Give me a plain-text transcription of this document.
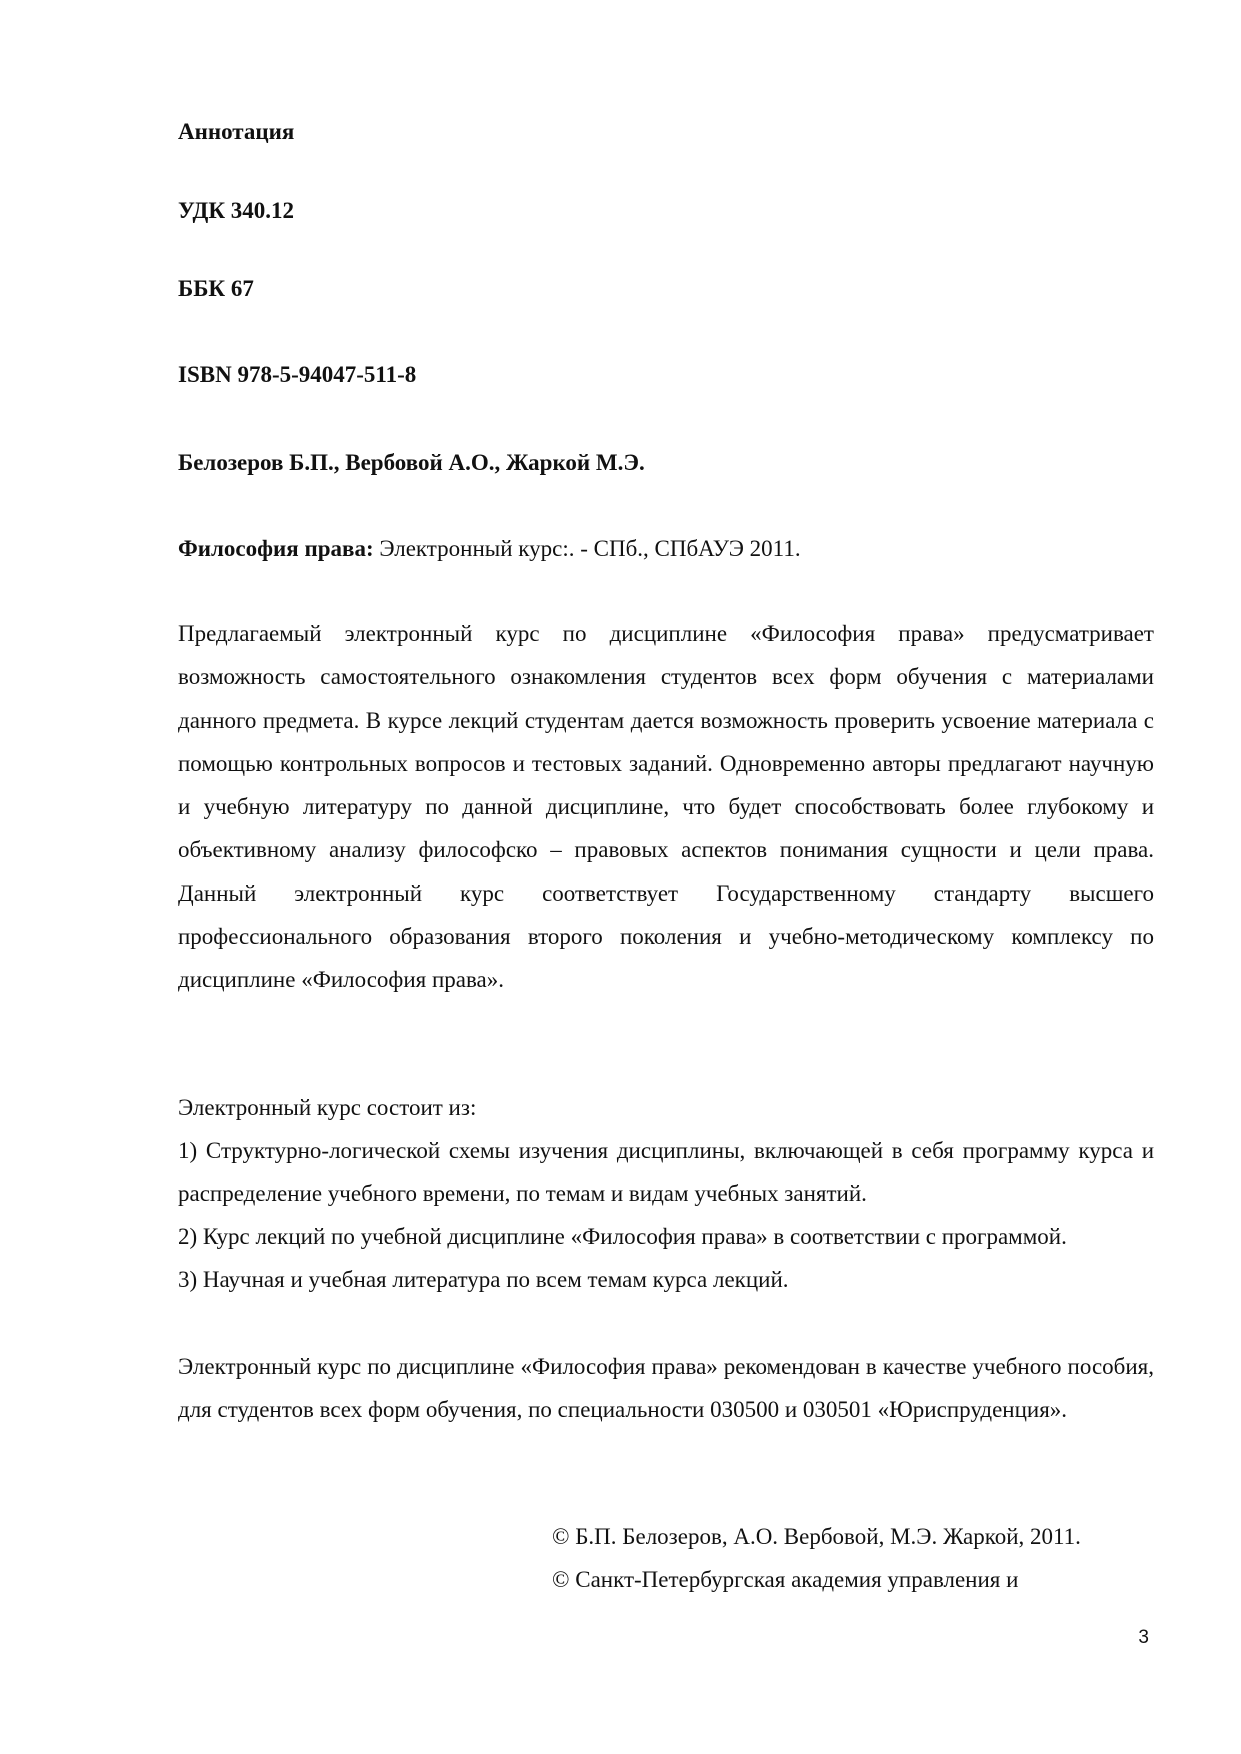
Аннотация
УДК 340.12
ББК 67
ISBN 978-5-94047-511-8
Белозеров Б.П., Вербовой А.О., Жаркой М.Э.
Философия права: Электронный курс:. - СПб., СПбАУЭ 2011.

Предлагаемый электронный курс по дисциплине «Философия права» предусматривает возможность самостоятельного ознакомления студентов всех форм обучения с материалами данного предмета. В курсе лекций студентам дается возможность проверить усвоение материала с помощью контрольных вопросов и тестовых заданий. Одновременно авторы предлагают научную и учебную литературу по данной дисциплине, что будет способствовать более глубокому и объективному анализу философско – правовых аспектов понимания сущности и цели права. Данный электронный курс соответствует Государственному стандарту высшего профессионального образования второго поколения и учебно-методическому комплексу по дисциплине «Философия права».

Электронный курс состоит из:

1) Структурно-логической схемы изучения дисциплины, включающей в себя программу курса и распределение учебного времени, по темам и видам учебных занятий.

2) Курс лекций по учебной дисциплине «Философия права» в соответствии с программой.

3) Научная и учебная литература по всем темам курса лекций.

Электронный курс по дисциплине «Философия права» рекомендован в качестве учебного пособия, для студентов всех форм обучения, по специальности 030500 и 030501 «Юриспруденция».

© Б.П. Белозеров, А.О. Вербовой, М.Э. Жаркой, 2011.
© Санкт-Петербургская академия управления и
3
